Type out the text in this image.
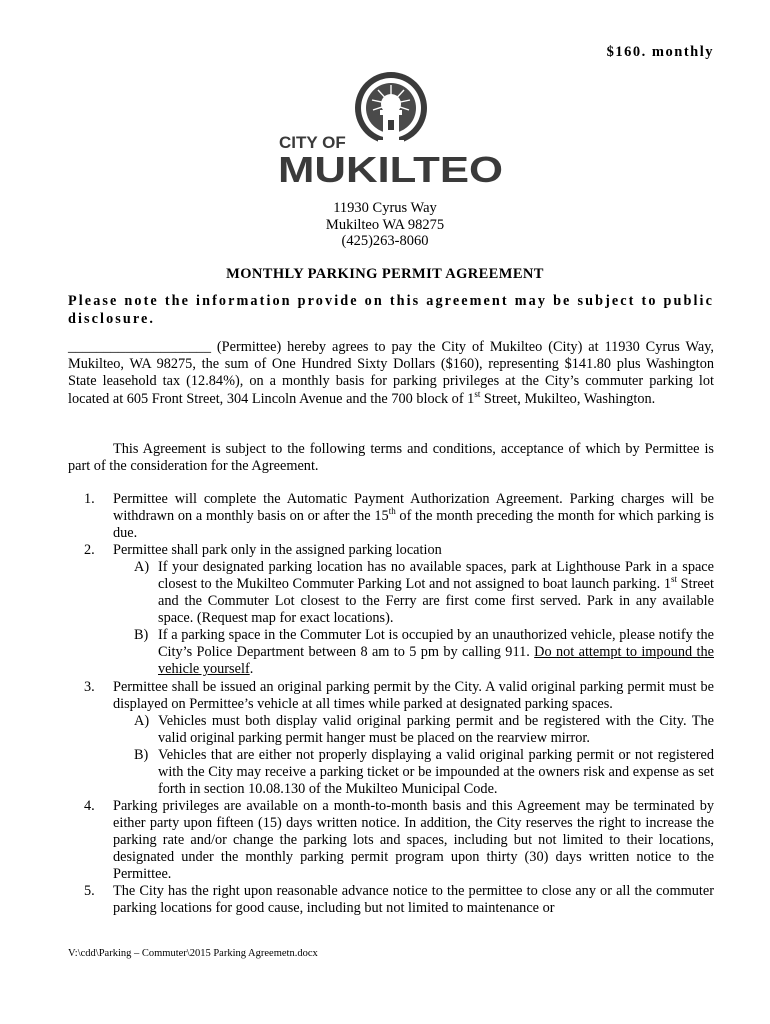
$160. monthly
CITY OF
MUKILTEO
11930 Cyrus Way
Mukilteo WA 98275
(425)263-8060
MONTHLY PARKING PERMIT AGREEMENT
Please note the information provide on this agreement may be subject to public disclosure.
____________________ (Permittee) hereby agrees to pay the City of Mukilteo (City) at 11930 Cyrus Way, Mukilteo, WA 98275, the sum of One Hundred Sixty Dollars ($160), representing $141.80 plus Washington State leasehold tax (12.84%), on a monthly basis for parking privileges at the City’s commuter parking lot located at 605 Front Street, 304 Lincoln Avenue and the 700 block of 1st Street, Mukilteo, Washington.
This Agreement is subject to the following terms and conditions, acceptance of which by Permittee is part of the consideration for the Agreement.
1. Permittee will complete the Automatic Payment Authorization Agreement. Parking charges will be withdrawn on a monthly basis on or after the 15th of the month preceding the month for which parking is due.
2. Permittee shall park only in the assigned parking location
A) If your designated parking location has no available spaces, park at Lighthouse Park in a space closest to the Mukilteo Commuter Parking Lot and not assigned to boat launch parking. 1st Street and the Commuter Lot closest to the Ferry are first come first served. Park in any available space. (Request map for exact locations).
B) If a parking space in the Commuter Lot is occupied by an unauthorized vehicle, please notify the City’s Police Department between 8 am to 5 pm by calling 911. Do not attempt to impound the vehicle yourself.
3. Permittee shall be issued an original parking permit by the City. A valid original parking permit must be displayed on Permittee’s vehicle at all times while parked at designated parking spaces.
A) Vehicles must both display valid original parking permit and be registered with the City. The valid original parking permit hanger must be placed on the rearview mirror.
B) Vehicles that are either not properly displaying a valid original parking permit or not registered with the City may receive a parking ticket or be impounded at the owners risk and expense as set forth in section 10.08.130 of the Mukilteo Municipal Code.
4. Parking privileges are available on a month-to-month basis and this Agreement may be terminated by either party upon fifteen (15) days written notice. In addition, the City reserves the right to increase the parking rate and/or change the parking lots and spaces, including but not limited to their locations, designated under the monthly parking permit program upon thirty (30) days written notice to the Permittee.
5. The City has the right upon reasonable advance notice to the permittee to close any or all the commuter parking locations for good cause, including but not limited to maintenance or
V:\cdd\Parking – Commuter\2015 Parking Agreemetn.docx
